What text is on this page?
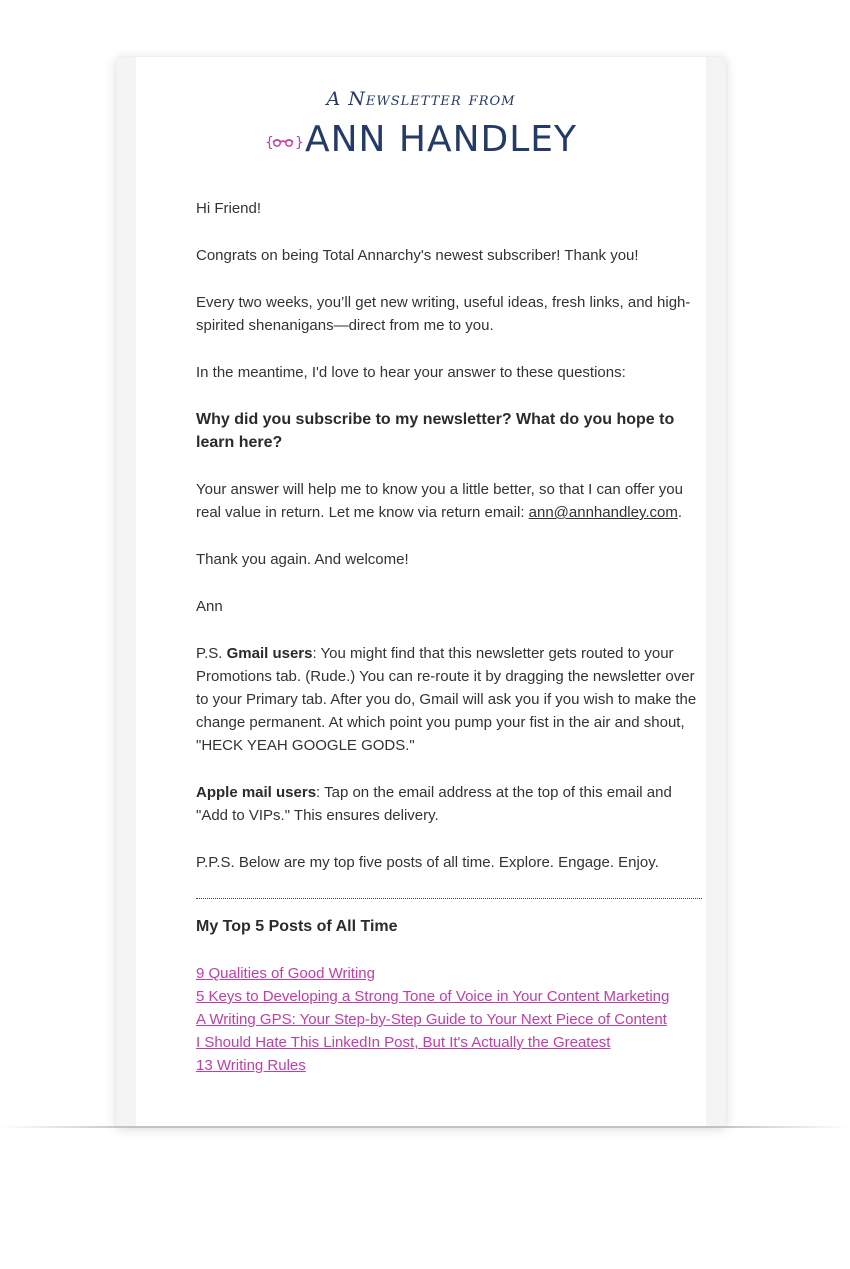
A Newsletter from
{ } ANN HANDLEY

Hi Friend!

Congrats on being Total Annarchy's newest subscriber! Thank you!

Every two weeks, you’ll get new writing, useful ideas, fresh links, and high-spirited shenanigans—direct from me to you.

In the meantime, I'd love to hear your answer to these questions:

Why did you subscribe to my newsletter? What do you hope to learn here?

Your answer will help me to know you a little better, so that I can offer you real value in return. Let me know via return email: ann@annhandley.com.

Thank you again. And welcome!

Ann

P.S. Gmail users: You might find that this newsletter gets routed to your Promotions tab. (Rude.) You can re-route it by dragging the newsletter over to your Primary tab. After you do, Gmail will ask you if you wish to make the change permanent. At which point you pump your fist in the air and shout, "HECK YEAH GOOGLE GODS."

Apple mail users: Tap on the email address at the top of this email and "Add to VIPs." This ensures delivery.

P.P.S. Below are my top five posts of all time. Explore. Engage. Enjoy.

My Top 5 Posts of All Time
9 Qualities of Good Writing
5 Keys to Developing a Strong Tone of Voice in Your Content Marketing
A Writing GPS: Your Step-by-Step Guide to Your Next Piece of Content
I Should Hate This LinkedIn Post, But It's Actually the Greatest
13 Writing Rules
